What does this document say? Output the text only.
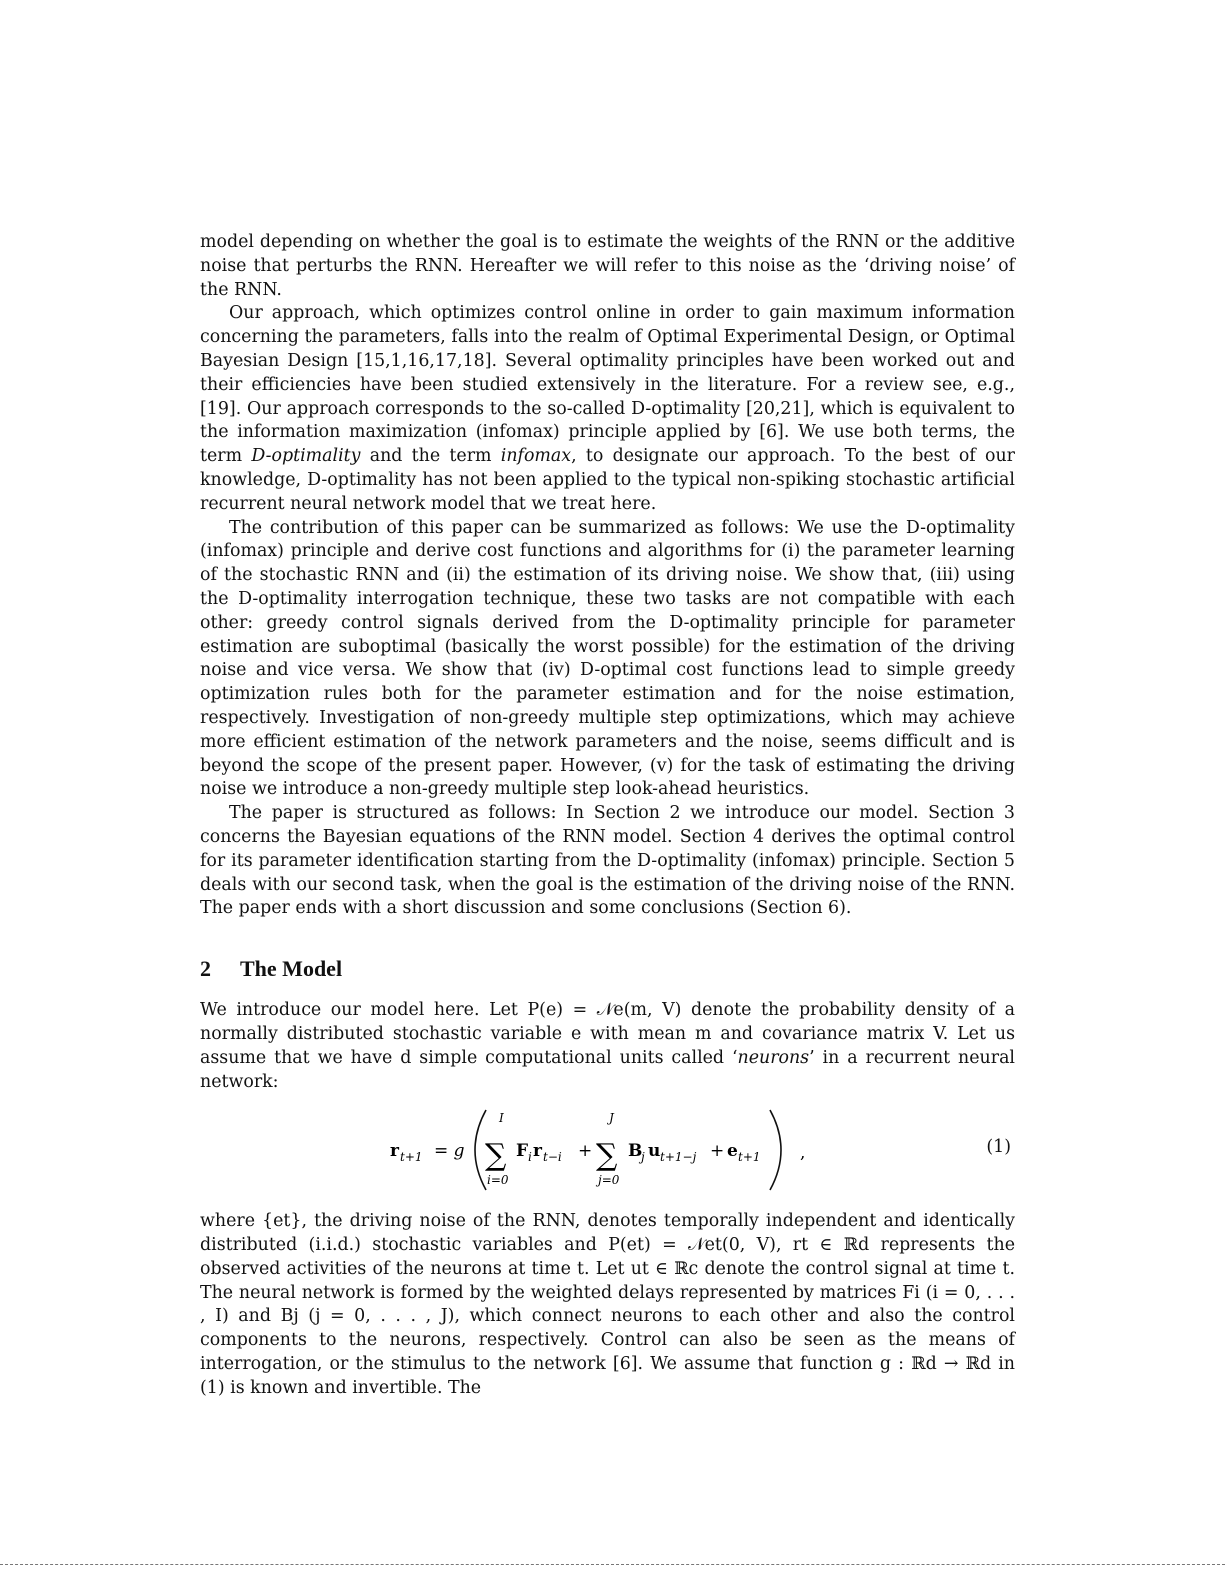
model depending on whether the goal is to estimate the weights of the RNN or the additive noise that perturbs the RNN. Hereafter we will refer to this noise as the ‘driving noise’ of the RNN.

Our approach, which optimizes control online in order to gain maximum information concerning the parameters, falls into the realm of Optimal Experimental Design, or Optimal Bayesian Design [15,1,16,17,18]. Several optimality principles have been worked out and their efficiencies have been studied extensively in the literature. For a review see, e.g., [19]. Our approach corresponds to the so-called D-optimality [20,21], which is equivalent to the information maximization (infomax) principle applied by [6]. We use both terms, the term D-optimality and the term infomax, to designate our approach. To the best of our knowledge, D-optimality has not been applied to the typical non-spiking stochastic artificial recurrent neural network model that we treat here.

The contribution of this paper can be summarized as follows: We use the D-optimality (infomax) principle and derive cost functions and algorithms for (i) the parameter learning of the stochastic RNN and (ii) the estimation of its driving noise. We show that, (iii) using the D-optimality interrogation technique, these two tasks are not compatible with each other: greedy control signals derived from the D-optimality principle for parameter estimation are suboptimal (basically the worst possible) for the estimation of the driving noise and vice versa. We show that (iv) D-optimal cost functions lead to simple greedy optimization rules both for the parameter estimation and for the noise estimation, respectively. Investigation of non-greedy multiple step optimizations, which may achieve more efficient estimation of the network parameters and the noise, seems difficult and is beyond the scope of the present paper. However, (v) for the task of estimating the driving noise we introduce a non-greedy multiple step look-ahead heuristics.

The paper is structured as follows: In Section 2 we introduce our model. Section 3 concerns the Bayesian equations of the RNN model. Section 4 derives the optimal control for its parameter identification starting from the D-optimality (infomax) principle. Section 5 deals with our second task, when the goal is the estimation of the driving noise of the RNN. The paper ends with a short discussion and some conclusions (Section 6).

2 The Model

We introduce our model here. Let P(e) = 𝒩e(m, V) denote the probability density of a normally distributed stochastic variable e with mean m and covariance matrix V. Let us assume that we have d simple computational units called ‘neurons’ in a recurrent neural network:

r t+1 = g
I
∑
i=0
F i r t−i +
J
∑
j=0
B
j u t+1−j + e t+1 ,	(1)

where {et}, the driving noise of the RNN, denotes temporally independent and identically distributed (i.i.d.) stochastic variables and P(et) = 𝒩et(0, V), rt ∈ ℝd represents the observed activities of the neurons at time t. Let ut ∈ ℝc denote the control signal at time t. The neural network is formed by the weighted delays represented by matrices Fi (i = 0, . . . , I) and Bj (j = 0, . . . , J), which connect neurons to each other and also the control components to the neurons, respectively. Control can also be seen as the means of interrogation, or the stimulus to the network [6]. We assume that function g : ℝd → ℝd in (1) is known and invertible. The
